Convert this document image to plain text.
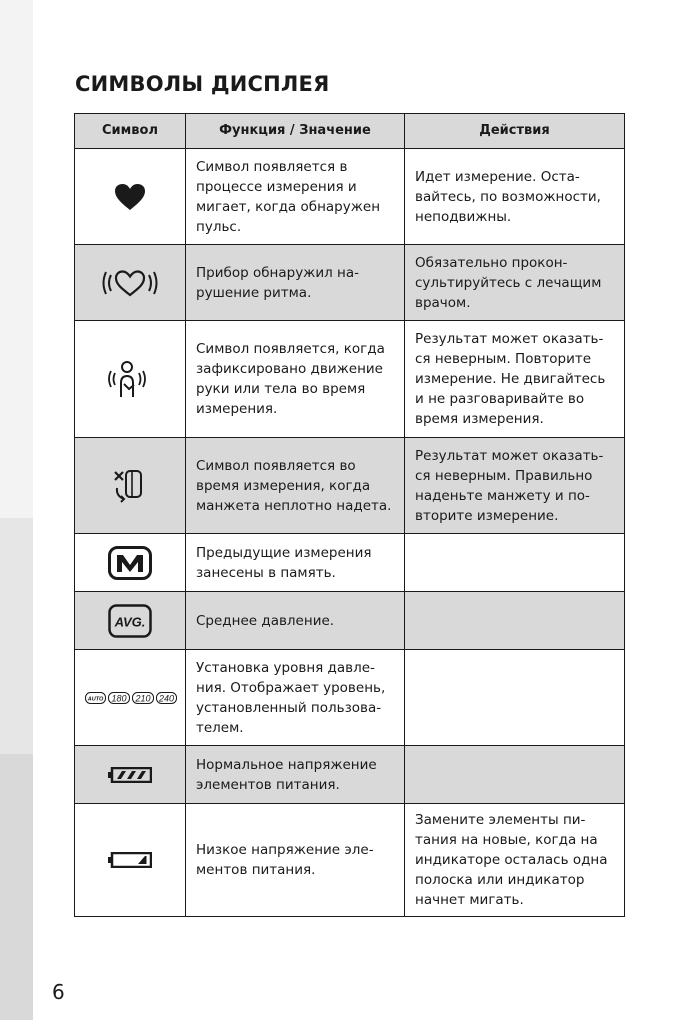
СИМВОЛЫ ДИСПЛЕЯ
Символ	Функция / Значение	Действия

	Символ появляется в процессе измерения и мигает, когда обнаружен пульс.	Идет измерение. Оста-вайтесь, по возможности, неподвижны.

	Прибор обнаружил на-рушение ритма.	Обязательно прокон-сультируйтесь с лечащим врачом.

	Символ появляется, когда зафиксировано движение руки или тела во время измерения.	Результат может оказать-ся неверным. Повторите измерение. Не двигайтесь и не разговаривайте во время измерения.

	Символ появляется во время измерения, когда манжета неплотно надета.	Результат может оказать-ся неверным. Правильно наденьте манжету и по-вторите измерение.

	Предыдущие измерения занесены в память.	

AVG.	Среднее давление.	

AUTO 180 210 240	Установка уровня давле-ния. Отображает уровень, установленный пользова-телем.	

	Нормальное напряжение элементов питания.	

	Низкое напряжение эле-ментов питания.	Замените элементы пи-тания на новые, когда на индикаторе осталась одна полоска или индикатор начнет мигать.
6
